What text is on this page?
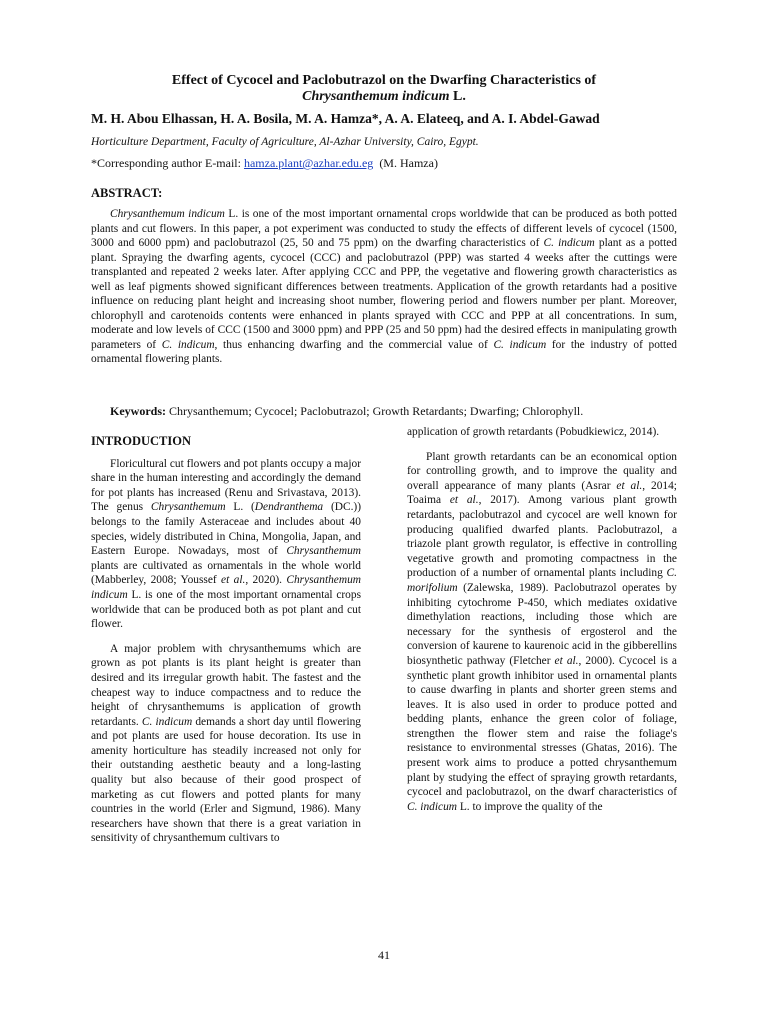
Effect of Cycocel and Paclobutrazol on the Dwarfing Characteristics of
Chrysanthemum indicum L.
M. H. Abou Elhassan, H. A. Bosila, M. A. Hamza*, A. A. Elateeq, and A. I. Abdel-Gawad
Horticulture Department, Faculty of Agriculture, Al-Azhar University, Cairo, Egypt.
*Corresponding author E-mail: hamza.plant@azhar.edu.eg  (M. Hamza)
ABSTRACT:

Chrysanthemum indicum L. is one of the most important ornamental crops worldwide that can be produced as both potted plants and cut flowers. In this paper, a pot experiment was conducted to study the effects of different levels of cycocel (1500, 3000 and 6000 ppm) and paclobutrazol (25, 50 and 75 ppm) on the dwarfing characteristics of C. indicum plant as a potted plant. Spraying the dwarfing agents, cycocel (CCC) and paclobutrazol (PPP) was started 4 weeks after the cuttings were transplanted and repeated 2 weeks later. After applying CCC and PPP, the vegetative and flowering growth characteristics as well as leaf pigments showed significant differences between treatments. Application of the growth retardants had a positive influence on reducing plant height and increasing shoot number, flowering period and flowers number per plant. Moreover, chlorophyll and carotenoids contents were enhanced in plants sprayed with CCC and PPP at all concentrations. In sum, moderate and low levels of CCC (1500 and 3000 ppm) and PPP (25 and 50 ppm) had the desired effects in manipulating growth parameters of C. indicum, thus enhancing dwarfing and the commercial value of C. indicum for the industry of potted ornamental flowering plants.

Keywords: Chrysanthemum; Cycocel; Paclobutrazol; Growth Retardants; Dwarfing; Chlorophyll.
INTRODUCTION

Floricultural cut flowers and pot plants occupy a major share in the human interesting and accordingly the demand for pot plants has increased (Renu and Srivastava, 2013). The genus Chrysanthemum L. (Dendranthema (DC.)) belongs to the family Asteraceae and includes about 40 species, widely distributed in China, Mongolia, Japan, and Eastern Europe. Nowadays, most of Chrysanthemum plants are cultivated as ornamentals in the whole world (Mabberley, 2008; Youssef et al., 2020). Chrysanthemum indicum L. is one of the most important ornamental crops worldwide that can be produced both as pot plant and cut flower.

A major problem with chrysanthemums which are grown as pot plants is its plant height is greater than desired and its irregular growth habit. The fastest and the cheapest way to induce compactness and to reduce the height of chrysanthemums is application of growth retardants. C. indicum demands a short day until flowering and pot plants are used for house decoration. Its use in amenity horticulture has steadily increased not only for their outstanding aesthetic beauty and a long-lasting quality but also because of their good prospect of marketing as cut flowers and potted plants for many countries in the world (Erler and Sigmund, 1986). Many researchers have shown that there is a great variation in sensitivity of chrysanthemum cultivars to

application of growth retardants (Pobudkiewicz, 2014).

Plant growth retardants can be an economical option for controlling growth, and to improve the quality and overall appearance of many plants (Asrar et al., 2014; Toaima et al., 2017). Among various plant growth retardants, paclobutrazol and cycocel are well known for producing qualified dwarfed plants. Paclobutrazol, a triazole plant growth regulator, is effective in controlling vegetative growth and promoting compactness in the production of a number of ornamental plants including C. morifolium (Zalewska, 1989). Paclobutrazol operates by inhibiting cytochrome P-450, which mediates oxidative dimethylation reactions, including those which are necessary for the synthesis of ergosterol and the conversion of kaurene to kaurenoic acid in the gibberellins biosynthetic pathway (Fletcher et al., 2000). Cycocel is a synthetic plant growth inhibitor used in ornamental plants to cause dwarfing in plants and shorter green stems and leaves. It is also used in order to produce potted and bedding plants, enhance the green color of foliage, strengthen the flower stem and raise the foliage's resistance to environmental stresses (Ghatas, 2016). The present work aims to produce a potted chrysanthemum plant by studying the effect of spraying growth retardants, cycocel and paclobutrazol, on the dwarf characteristics of C. indicum L. to improve the quality of the

41
